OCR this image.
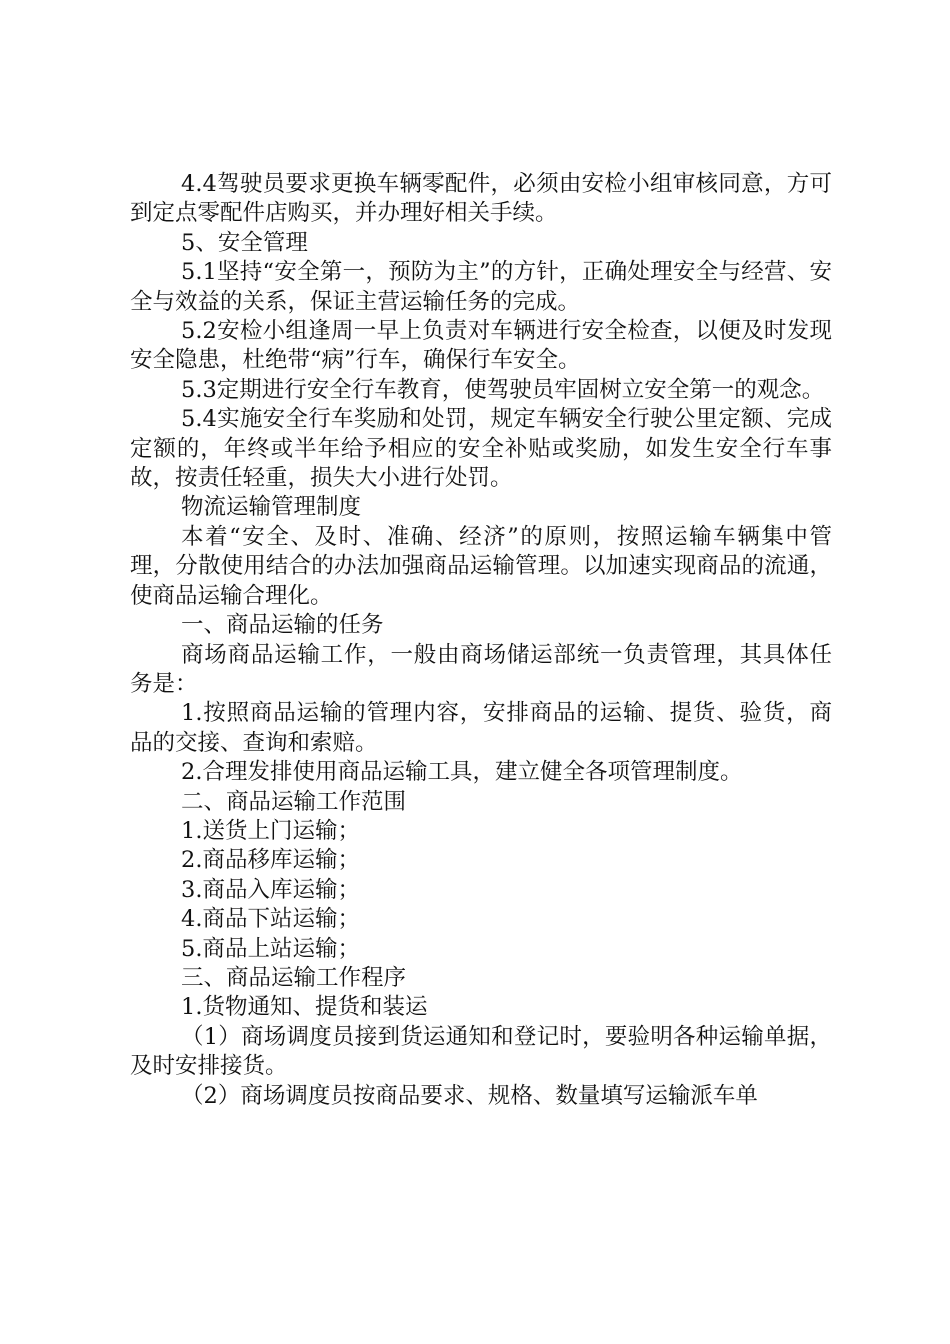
4.4驾驶员要求更换车辆零配件，必须由安检小组审核同意，方可到定点零配件店购买，并办理好相关手续。

5、安全管理

5.1坚持“安全第一，预防为主”的方针，正确处理安全与经营、安全与效益的关系，保证主营运输任务的完成。

5.2安检小组逢周一早上负责对车辆进行安全检查，以便及时发现安全隐患，杜绝带“病”行车，确保行车安全。

5.3定期进行安全行车教育，使驾驶员牢固树立安全第一的观念。

5.4实施安全行车奖励和处罚，规定车辆安全行驶公里定额、完成定额的，年终或半年给予相应的安全补贴或奖励，如发生安全行车事故，按责任轻重，损失大小进行处罚。

物流运输管理制度

本着“安全、及时、准确、经济”的原则，按照运输车辆集中管理，分散使用结合的办法加强商品运输管理。以加速实现商品的流通，使商品运输合理化。

一、商品运输的任务

商场商品运输工作，一般由商场储运部统一负责管理，其具体任务是：

1.按照商品运输的管理内容，安排商品的运输、提货、验货，商品的交接、查询和索赔。

2.合理发排使用商品运输工具，建立健全各项管理制度。

二、商品运输工作范围

1.送货上门运输；

2.商品移库运输；

3.商品入库运输；

4.商品下站运输；

5.商品上站运输；

三、商品运输工作程序

1.货物通知、提货和装运

（1）商场调度员接到货运通知和登记时，要验明各种运输单据，及时安排接货。

（2）商场调度员按商品要求、规格、数量填写运输派车单
